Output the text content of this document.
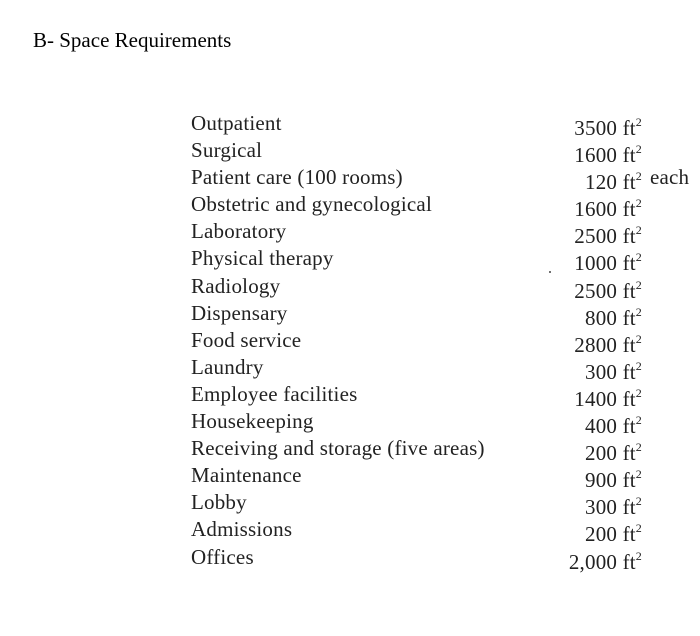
B- Space Requirements
Outpatient	3500 $ft^2$
Surgical	1600 $ft^2$
Patient care (100 rooms)	120 $ft^2$ each
Obstetric and gynecological	1600 $ft^2$
Laboratory	2500 $ft^2$
Physical therapy	1000 $ft^2$
Radiology	2500 $ft^2$
Dispensary	800 $ft^2$
Food service	2800 $ft^2$
Laundry	300 $ft^2$
Employee facilities	1400 $ft^2$
Housekeeping	400 $ft^2$
Receiving and storage (five areas)	200 $ft^2$
Maintenance	900 $ft^2$
Lobby	300 $ft^2$
Admissions	200 $ft^2$
Offices	2,000 $ft^2$
